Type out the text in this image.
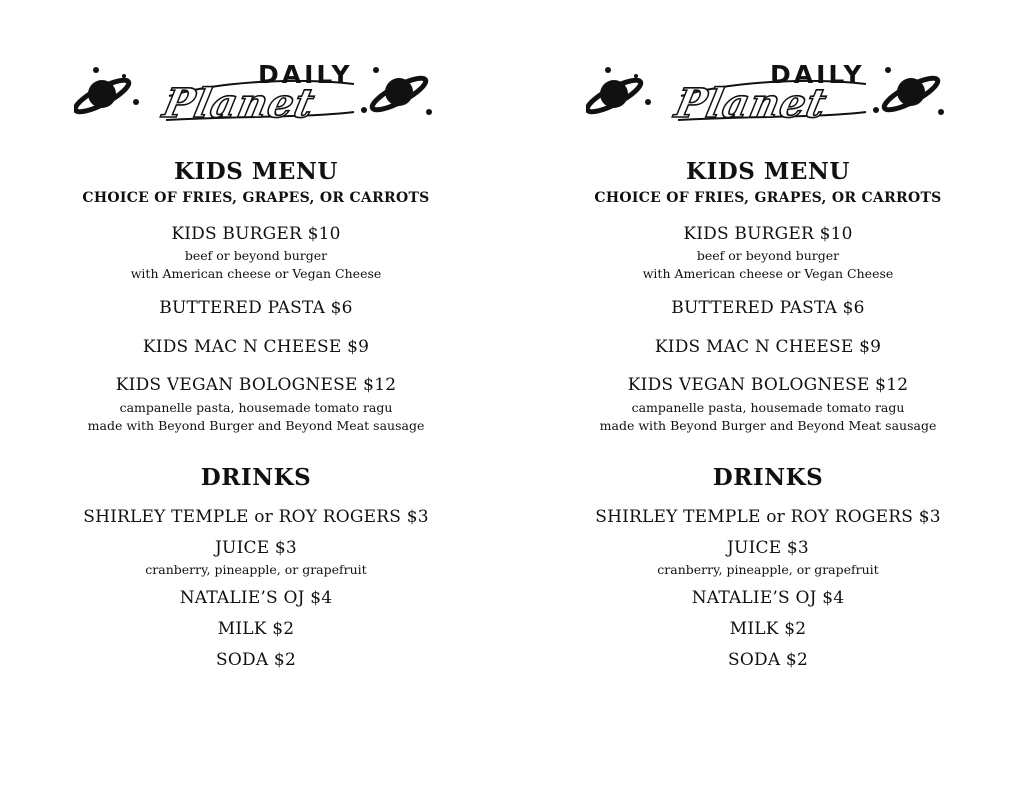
DAILY
Planet
KIDS MENU
CHOICE OF FRIES, GRAPES, OR CARROTS
KIDS BURGER $10
beef or beyond burger
with American cheese or Vegan Cheese
BUTTERED PASTA $6
KIDS MAC N CHEESE $9
KIDS VEGAN BOLOGNESE $12
campanelle pasta, housemade tomato ragu
made with Beyond Burger and Beyond Meat sausage
DRINKS
SHIRLEY TEMPLE or ROY ROGERS $3
JUICE $3
cranberry, pineapple, or grapefruit
NATALIE’S OJ $4
MILK $2
SODA $2
DAILY
Planet
KIDS MENU
CHOICE OF FRIES, GRAPES, OR CARROTS
KIDS BURGER $10
beef or beyond burger
with American cheese or Vegan Cheese
BUTTERED PASTA $6
KIDS MAC N CHEESE $9
KIDS VEGAN BOLOGNESE $12
campanelle pasta, housemade tomato ragu
made with Beyond Burger and Beyond Meat sausage
DRINKS
SHIRLEY TEMPLE or ROY ROGERS $3
JUICE $3
cranberry, pineapple, or grapefruit
NATALIE’S OJ $4
MILK $2
SODA $2
